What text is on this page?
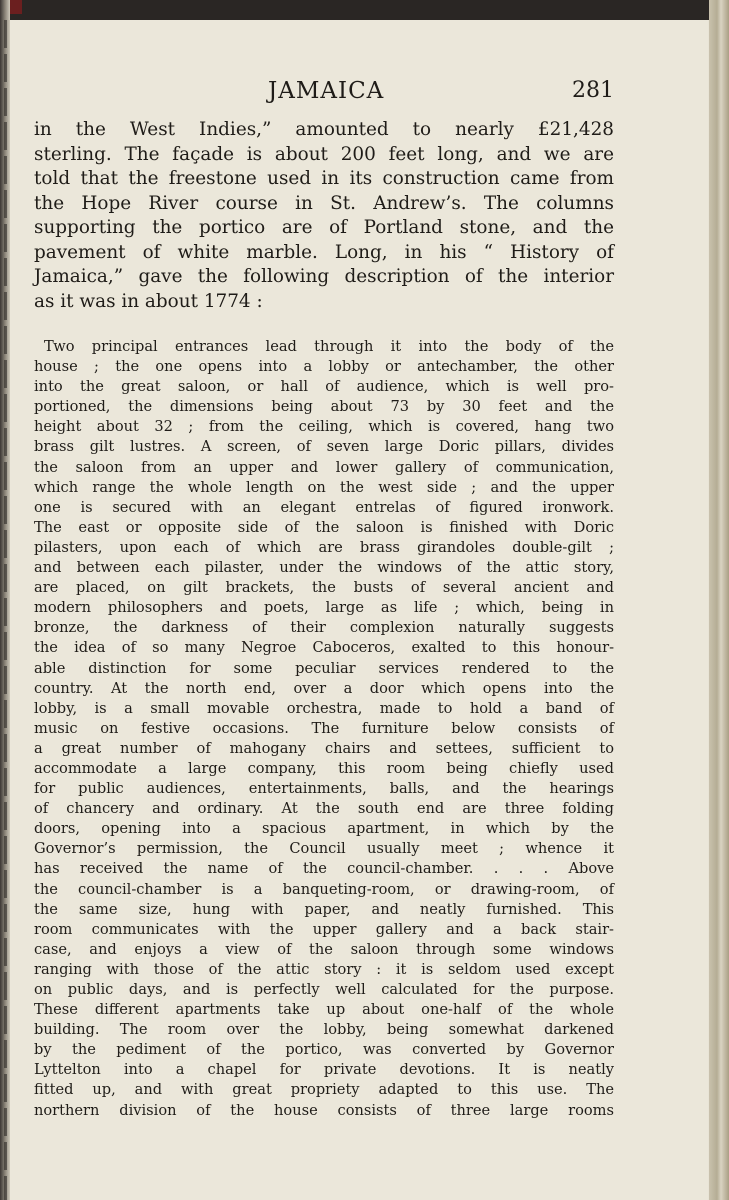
JAMAICA	281
in the West Indies,” amounted to nearly £21,428
sterling. The façade is about 200 feet long, and we are
told that the freestone used in its construction came from
the Hope River course in St. Andrew’s. The columns
supporting the portico are of Portland stone, and the
pavement of white marble. Long, in his “ History of
Jamaica,” gave the following description of the interior
as it was in about 1774 :
Two principal entrances lead through it into the body of the
house ; the one opens into a lobby or antechamber, the other
into the great saloon, or hall of audience, which is well pro-
portioned, the dimensions being about 73 by 30 feet and the
height about 32 ; from the ceiling, which is covered, hang two
brass gilt lustres. A screen, of seven large Doric pillars, divides
the saloon from an upper and lower gallery of communication,
which range the whole length on the west side ; and the upper
one is secured with an elegant entrelas of figured ironwork.
The east or opposite side of the saloon is finished with Doric
pilasters, upon each of which are brass girandoles double-gilt ;
and between each pilaster, under the windows of the attic story,
are placed, on gilt brackets, the busts of several ancient and
modern philosophers and poets, large as life ; which, being in
bronze, the darkness of their complexion naturally suggests
the idea of so many Negroe Caboceros, exalted to this honour-
able distinction for some peculiar services rendered to the
country. At the north end, over a door which opens into the
lobby, is a small movable orchestra, made to hold a band of
music on festive occasions. The furniture below consists of
a great number of mahogany chairs and settees, sufficient to
accommodate a large company, this room being chiefly used
for public audiences, entertainments, balls, and the hearings
of chancery and ordinary. At the south end are three folding
doors, opening into a spacious apartment, in which by the
Governor’s permission, the Council usually meet ; whence it
has received the name of the council-chamber. . . . Above
the council-chamber is a banqueting-room, or drawing-room, of
the same size, hung with paper, and neatly furnished. This
room communicates with the upper gallery and a back stair-
case, and enjoys a view of the saloon through some windows
ranging with those of the attic story : it is seldom used except
on public days, and is perfectly well calculated for the purpose.
These different apartments take up about one-half of the whole
building. The room over the lobby, being somewhat darkened
by the pediment of the portico, was converted by Governor
Lyttelton into a chapel for private devotions. It is neatly
fitted up, and with great propriety adapted to this use. The
northern division of the house consists of three large rooms
